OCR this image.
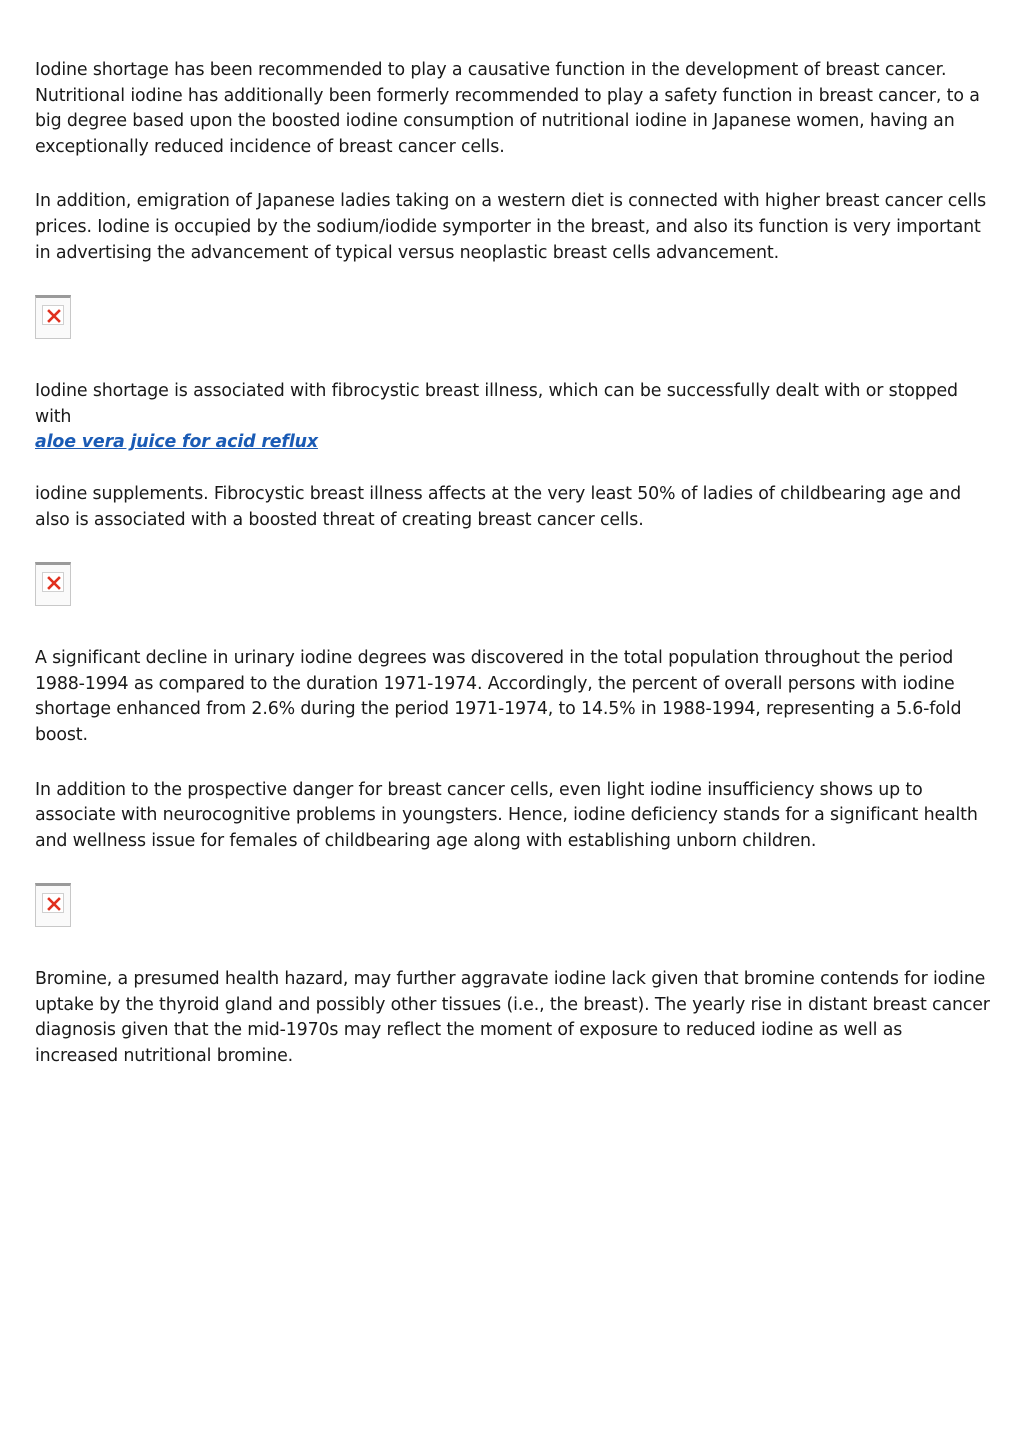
Iodine shortage has been recommended to play a causative function in the development of breast cancer. Nutritional iodine has additionally been formerly recommended to play a safety function in breast cancer, to a big degree based upon the boosted iodine consumption of nutritional iodine in Japanese women, having an exceptionally reduced incidence of breast cancer cells.

In addition, emigration of Japanese ladies taking on a western diet is connected with higher breast cancer cells prices. Iodine is occupied by the sodium/iodide symporter in the breast, and also its function is very important in advertising the advancement of typical versus neoplastic breast cells advancement.

Iodine shortage is associated with fibrocystic breast illness, which can be successfully dealt with or stopped with
aloe vera juice for acid reflux

iodine supplements. Fibrocystic breast illness affects at the very least 50% of ladies of childbearing age and also is associated with a boosted threat of creating breast cancer cells.

A significant decline in urinary iodine degrees was discovered in the total population throughout the period 1988-1994 as compared to the duration 1971-1974. Accordingly, the percent of overall persons with iodine shortage enhanced from 2.6% during the period 1971-1974, to 14.5% in 1988-1994, representing a 5.6-fold boost.

In addition to the prospective danger for breast cancer cells, even light iodine insufficiency shows up to associate with neurocognitive problems in youngsters. Hence, iodine deficiency stands for a significant health and wellness issue for females of childbearing age along with establishing unborn children.

Bromine, a presumed health hazard, may further aggravate iodine lack given that bromine contends for iodine uptake by the thyroid gland and possibly other tissues (i.e., the breast). The yearly rise in distant breast cancer diagnosis given that the mid-1970s may reflect the moment of exposure to reduced iodine as well as increased nutritional bromine.
